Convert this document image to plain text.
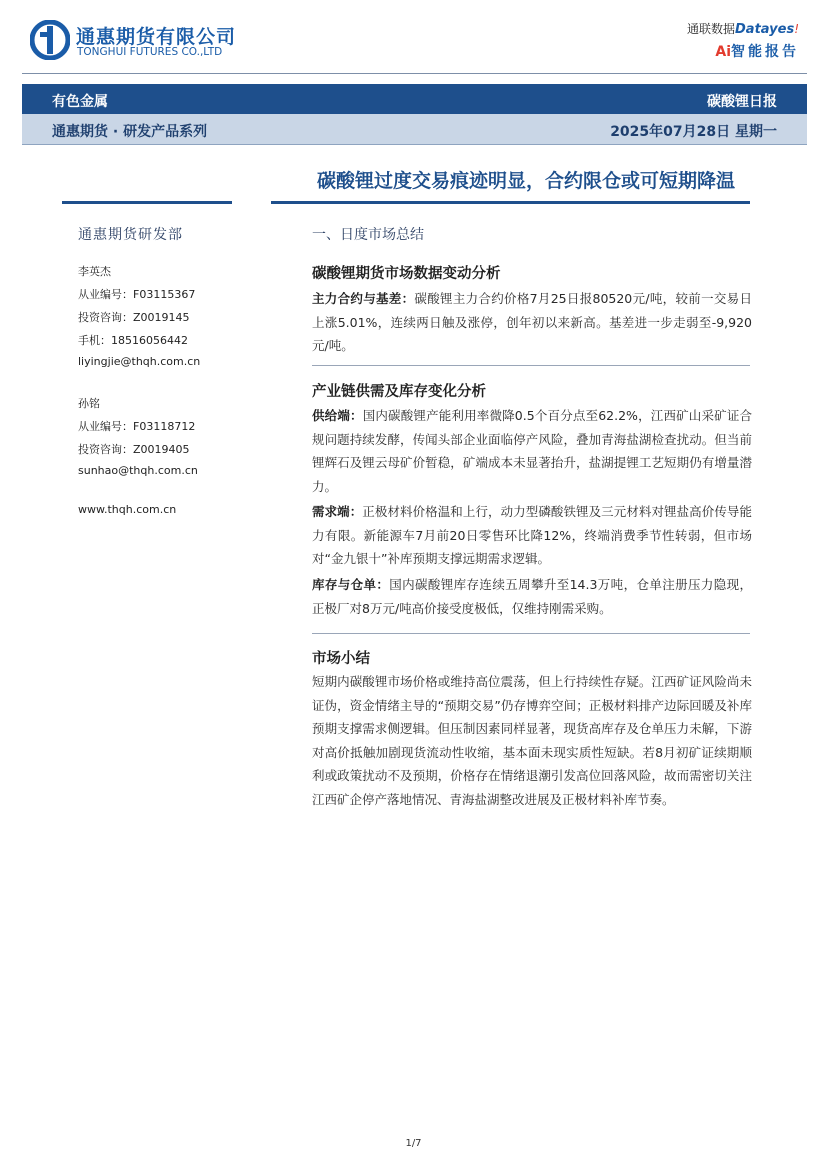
通惠期货有限公司
TONGHUI FUTURES CO.,LTD
通联数据Datayes!
Ai智能报告
有色金属	碳酸锂日报
通惠期货 · 研发产品系列	2025年07月28日 星期一
碳酸锂过度交易痕迹明显，合约限仓或可短期降温
通惠期货研发部
李英杰
从业编号：F03115367
投资咨询：Z0019145
手机：18516056442
liyingjie@thqh.com.cn
孙铭
从业编号：F03118712
投资咨询：Z0019405
sunhao@thqh.com.cn
www.thqh.com.cn
一、日度市场总结
碳酸锂期货市场数据变动分析
主力合约与基差：碳酸锂主力合约价格7月25日报80520元/吨，较前一交易日上涨5.01%，连续两日触及涨停，创年初以来新高。基差进一步走弱至-9,920元/吨。
产业链供需及库存变化分析
供给端：国内碳酸锂产能利用率微降0.5个百分点至62.2%，江西矿山采矿证合规问题持续发酵，传闻头部企业面临停产风险，叠加青海盐湖检查扰动。但当前锂辉石及锂云母矿价暂稳，矿端成本未显著抬升，盐湖提锂工艺短期仍有增量潜力。
需求端：正极材料价格温和上行，动力型磷酸铁锂及三元材料对锂盐高价传导能力有限。新能源车7月前20日零售环比降12%，终端消费季节性转弱，但市场对“金九银十”补库预期支撑远期需求逻辑。
库存与仓单：国内碳酸锂库存连续五周攀升至14.3万吨，仓单注册压力隐现，正极厂对8万元/吨高价接受度极低，仅维持刚需采购。
市场小结
短期内碳酸锂市场价格或维持高位震荡，但上行持续性存疑。江西矿证风险尚未证伪，资金情绪主导的“预期交易”仍存博弈空间；正极材料排产边际回暖及补库预期支撑需求侧逻辑。但压制因素同样显著，现货高库存及仓单压力未解，下游对高价抵触加剧现货流动性收缩，基本面未现实质性短缺。若8月初矿证续期顺利或政策扰动不及预期，价格存在情绪退潮引发高位回落风险，故而需密切关注江西矿企停产落地情况、青海盐湖整改进展及正极材料补库节奏。
1/7
